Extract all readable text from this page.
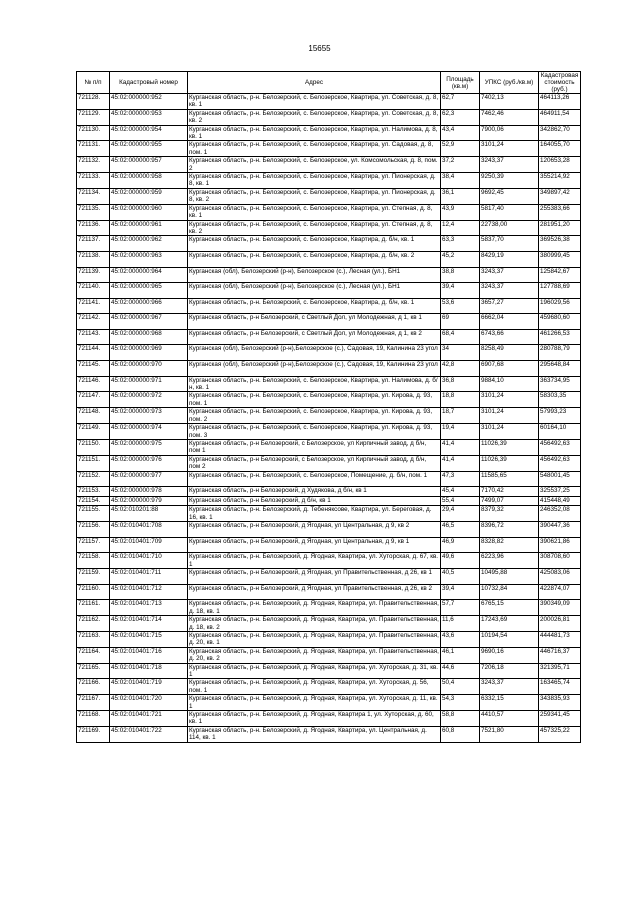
15655
№ п/п	Кадастровый номер	Адрес	Площадь (кв.м)	УПКС (руб./кв.м)	Кадастровая стоимость (руб.)
721128.	45:02:000000:952	Курганская область, р-н. Белозерский, с. Белозерское, Квартира, ул. Советская, д. 8, кв. 1	62,7	7402,13	464113,26
721129.	45:02:000000:953	Курганская область, р-н. Белозерский, с. Белозерское, Квартира, ул. Советская, д. 8, кв. 2	62,3	7462,46	464911,54
721130.	45:02:000000:954	Курганская область, р-н. Белозерский, с. Белозерское, Квартира, ул. Налимова, д. 8, кв. 1	43,4	7900,06	342862,70
721131.	45:02:000000:955	Курганская область, р-н. Белозерский, с. Белозерское, Квартира, ул. Садовая, д. 8, пом. 1	52,9	3101,24	164055,70
721132.	45:02:000000:957	Курганская область, р-н. Белозерский, с. Белозерское, ул. Комсомольская, д. 8, пом. 2	37,2	3243,37	120653,28
721133.	45:02:000000:958	Курганская область, р-н. Белозерский, с. Белозерское, Квартира, ул. Пионерская, д. 8, кв. 1	38,4	9250,39	355214,92
721134.	45:02:000000:959	Курганская область, р-н. Белозерский, с. Белозерское, Квартира, ул. Пионерская, д. 8, кв. 2	36,1	9692,45	349897,42
721135.	45:02:000000:960	Курганская область, р-н. Белозерский, с. Белозерское, Квартира, ул. Степная, д. 8, кв. 1	43,9	5817,40	255383,66
721136.	45:02:000000:961	Курганская область, р-н. Белозерский, с. Белозерское, Квартира, ул. Степная, д. 8, кв. 2	12,4	22738,00	281951,20
721137.	45:02:000000:962	Курганская область, р-н. Белозерский, с. Белозерское, Квартира, д. б/н, кв. 1	63,3	5837,70	369526,38
721138.	45:02:000000:963	Курганская область, р-н. Белозерский, с. Белозерское, Квартира, д. б/н, кв. 2	45,2	8429,19	380999,45
721139.	45:02:000000:964	Курганская (обл), Белозерский (р-н), Белозерское (с.), Лесная (ул.), БН1	38,8	3243,37	125842,67
721140.	45:02:000000:965	Курганская (обл), Белозерский (р-н), Белозерское (с.), Лесная (ул.), БН1	39,4	3243,37	127788,69
721141.	45:02:000000:966	Курганская область, р-н. Белозерский, с. Белозерское, Квартира, д. б/н, кв. 1	53,6	3657,27	196029,56
721142.	45:02:000000:967	Курганская область, р-н Белозерский, с Светлый Дол, ул Молодежная, д 1, кв 1	69	6662,04	459680,60
721143.	45:02:000000:968	Курганская область, р-н Белозерский, с Светлый Дол, ул Молодежная, д 1, кв 2	68,4	6743,66	461266,53
721144.	45:02:000000:969	Курганская (обл), Белозерский (р-н),Белозерское (с.), Садовая, 19, Калинина 23 угол	34	8258,49	280788,79
721145.	45:02:000000:970	Курганская (обл), Белозерский (р-н),Белозерское (с.), Садовая, 19, Калинина 23 угол	42,8	6907,68	295648,84
721146.	45:02:000000:971	Курганская область, р-н. Белозерский, с. Белозерское, Квартира, ул. Налимова, д. б/н, кв. 1	36,8	9884,10	363734,95
721147.	45:02:000000:972	Курганская область, р-н. Белозерский, с. Белозерское, Квартира, ул. Кирова, д. 93, пом. 1	18,8	3101,24	58303,35
721148.	45:02:000000:973	Курганская область, р-н. Белозерский, с. Белозерское, Квартира, ул. Кирова, д. 93, пом. 2	18,7	3101,24	57993,23
721149.	45:02:000000:974	Курганская область, р-н. Белозерский, с. Белозерское, Квартира, ул. Кирова, д. 93, пом. 3	19,4	3101,24	60164,10
721150.	45:02:000000:975	Курганская область, р-н Белозерский, с Белозерское, ул Кирпичный завод, д б/н, пом 1	41,4	11026,39	456492,63
721151.	45:02:000000:976	Курганская область, р-н Белозерский, с Белозерское, ул Кирпичный завод, д б/н, пом 2	41,4	11026,39	456492,63
721152.	45:02:000000:977	Курганская область, р-н. Белозерский, с. Белозерское, Помещение, д. б/н, пом. 1	47,3	11585,65	548001,45
721153.	45:02:000000:978	Курганская область, р-н Белозерский, д Худякова, д б/н, кв 1	45,4	7170,42	325537,25
721154.	45:02:000000:979	Курганская область, р-н Белозерский, д б/н, кв 1	55,4	7499,07	415448,49
721155.	45:02:010201:88	Курганская область, р-н. Белозерский, д. Тебеняксове, Квартира, ул. Береговая, д. 16, кв. 1	29,4	8379,32	246352,08
721156.	45:02:010401:708	Курганская область, р-н Белозерский, д Ягодная, ул Центральная, д 9, кв 2	46,5	8396,72	390447,36
721157.	45:02:010401:709	Курганская область, р-н Белозерский, д Ягодная, ул Центральная, д 9, кв 1	46,9	8328,82	390621,86
721158.	45:02:010401:710	Курганская область, р-н. Белозерский, д. Ягодная, Квартира, ул. Хуторская, д. 67, кв. 1	49,6	6223,96	308708,60
721159.	45:02:010401:711	Курганская область, р-н Белозерский, д Ягодная, ул Правительственная, д 26, кв 1	40,5	10495,88	425083,06
721160.	45:02:010401:712	Курганская область, р-н Белозерский, д Ягодная, ул Правительственная, д 26, кв 2	39,4	10732,84	422874,07
721161.	45:02:010401:713	Курганская область, р-н. Белозерский, д. Ягодная, Квартира, ул. Правительственная, д. 18, кв. 1	57,7	6765,15	390349,09
721162.	45:02:010401:714	Курганская область, р-н. Белозерский, д. Ягодная, Квартира, ул. Правительственная, д. 18, кв. 2	11,6	17243,69	200026,81
721163.	45:02:010401:715	Курганская область, р-н. Белозерский, д. Ягодная, Квартира, ул. Правительственная, д. 20, кв. 1	43,6	10194,54	444481,73
721164.	45:02:010401:716	Курганская область, р-н. Белозерский, д. Ягодная, Квартира, ул. Правительственная, д. 20, кв. 2	46,1	9690,16	446716,37
721165.	45:02:010401:718	Курганская область, р-н. Белозерский, д. Ягодная, Квартира, ул. Хуторская, д. 31, кв. 1	44,6	7206,18	321395,71
721166.	45:02:010401:719	Курганская область, р-н. Белозерский, д. Ягодная, Квартира, ул. Хуторская, д. 56, пом. 1	50,4	3243,37	163465,74
721167.	45:02:010401:720	Курганская область, р-н. Белозерский, д. Ягодная, Квартира, ул. Хуторская, д. 11, кв. 1	54,3	6332,15	343835,93
721168.	45:02:010401:721	Курганская область, р-н. Белозерский, д. Ягодная, Квартира 1, ул. Хуторская, д. 60, кв. 1	58,8	4410,57	259341,45
721169.	45:02:010401:722	Курганская область, р-н. Белозерский, д. Ягодная, Квартира, ул. Центральная, д. 114, кв. 1	60,8	7521,80	457325,22
